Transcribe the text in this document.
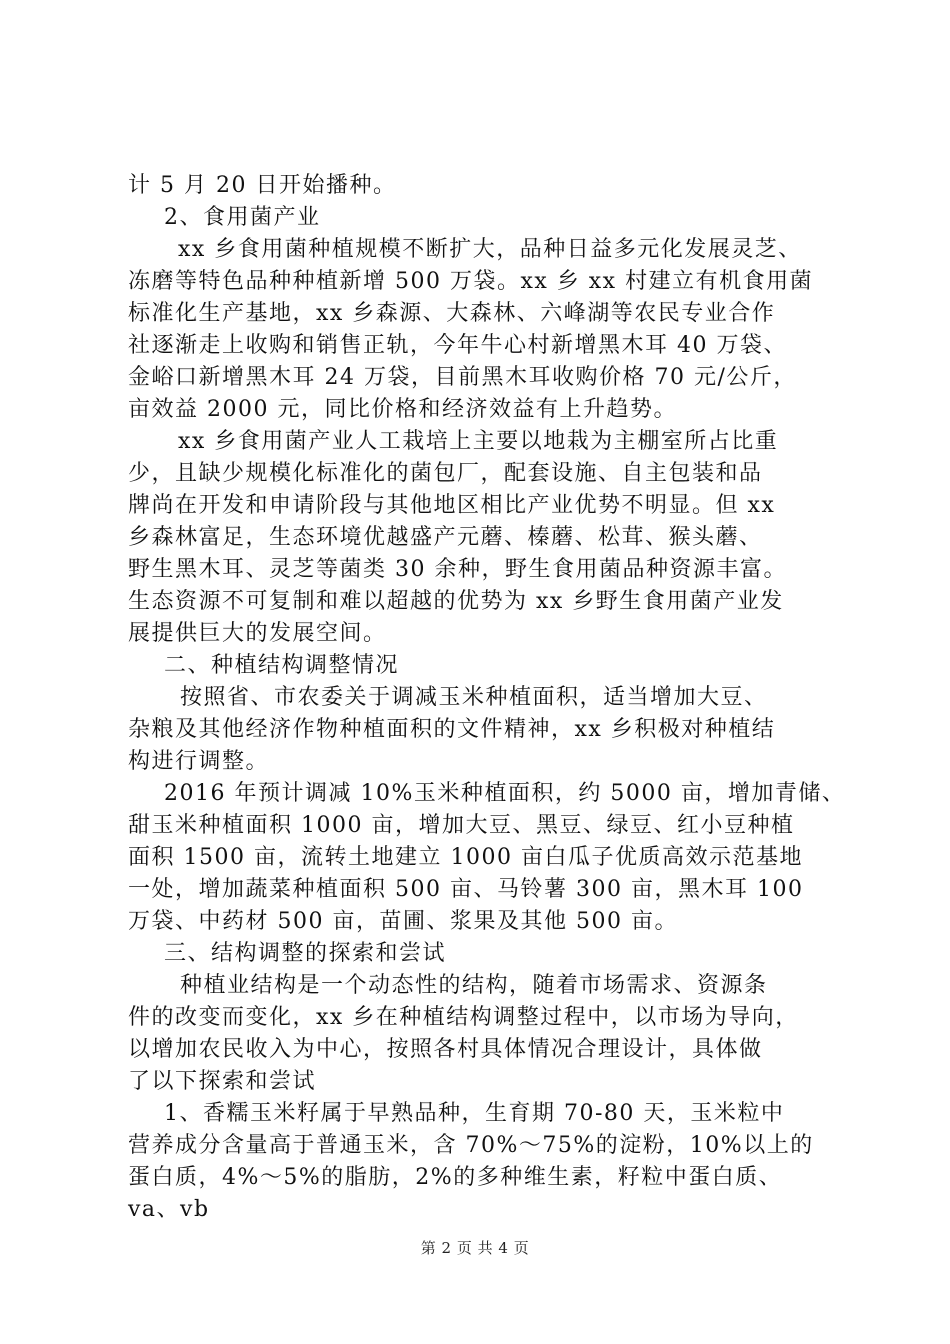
计 5 月 20 日开始播种。
2、食用菌产业
xx 乡食用菌种植规模不断扩大，品种日益多元化发展灵芝、
冻磨等特色品种种植新增 500 万袋。xx 乡 xx 村建立有机食用菌
标准化生产基地，xx 乡森源、大森林、六峰湖等农民专业合作
社逐渐走上收购和销售正轨，今年牛心村新增黑木耳 40 万袋、
金峪口新增黑木耳 24 万袋，目前黑木耳收购价格 70 元/公斤，
亩效益 2000 元，同比价格和经济效益有上升趋势。
xx 乡食用菌产业人工栽培上主要以地栽为主棚室所占比重
少，且缺少规模化标准化的菌包厂，配套设施、自主包装和品
牌尚在开发和申请阶段与其他地区相比产业优势不明显。但 xx
乡森林富足，生态环境优越盛产元蘑、榛蘑、松茸、猴头蘑、
野生黑木耳、灵芝等菌类 30 余种，野生食用菌品种资源丰富。
生态资源不可复制和难以超越的优势为 xx 乡野生食用菌产业发
展提供巨大的发展空间。
二、种植结构调整情况
按照省、市农委关于调减玉米种植面积，适当增加大豆、
杂粮及其他经济作物种植面积的文件精神，xx 乡积极对种植结
构进行调整。
2016 年预计调减 10%玉米种植面积，约 5000 亩，增加青储、
甜玉米种植面积 1000 亩，增加大豆、黑豆、绿豆、红小豆种植
面积 1500 亩，流转土地建立 1000 亩白瓜子优质高效示范基地
一处，增加蔬菜种植面积 500 亩、马铃薯 300 亩，黑木耳 100
万袋、中药材 500 亩，苗圃、浆果及其他 500 亩。
三、结构调整的探索和尝试
种植业结构是一个动态性的结构，随着市场需求、资源条
件的改变而变化，xx 乡在种植结构调整过程中，以市场为导向，
以增加农民收入为中心，按照各村具体情况合理设计，具体做
了以下探索和尝试
1、香糯玉米籽属于早熟品种，生育期 70-80 天，玉米粒中
营养成分含量高于普通玉米，含 70%～75%的淀粉，10%以上的
蛋白质，4%～5%的脂肪，2%的多种维生素，籽粒中蛋白质、
va、vb
第 2 页 共 4 页
